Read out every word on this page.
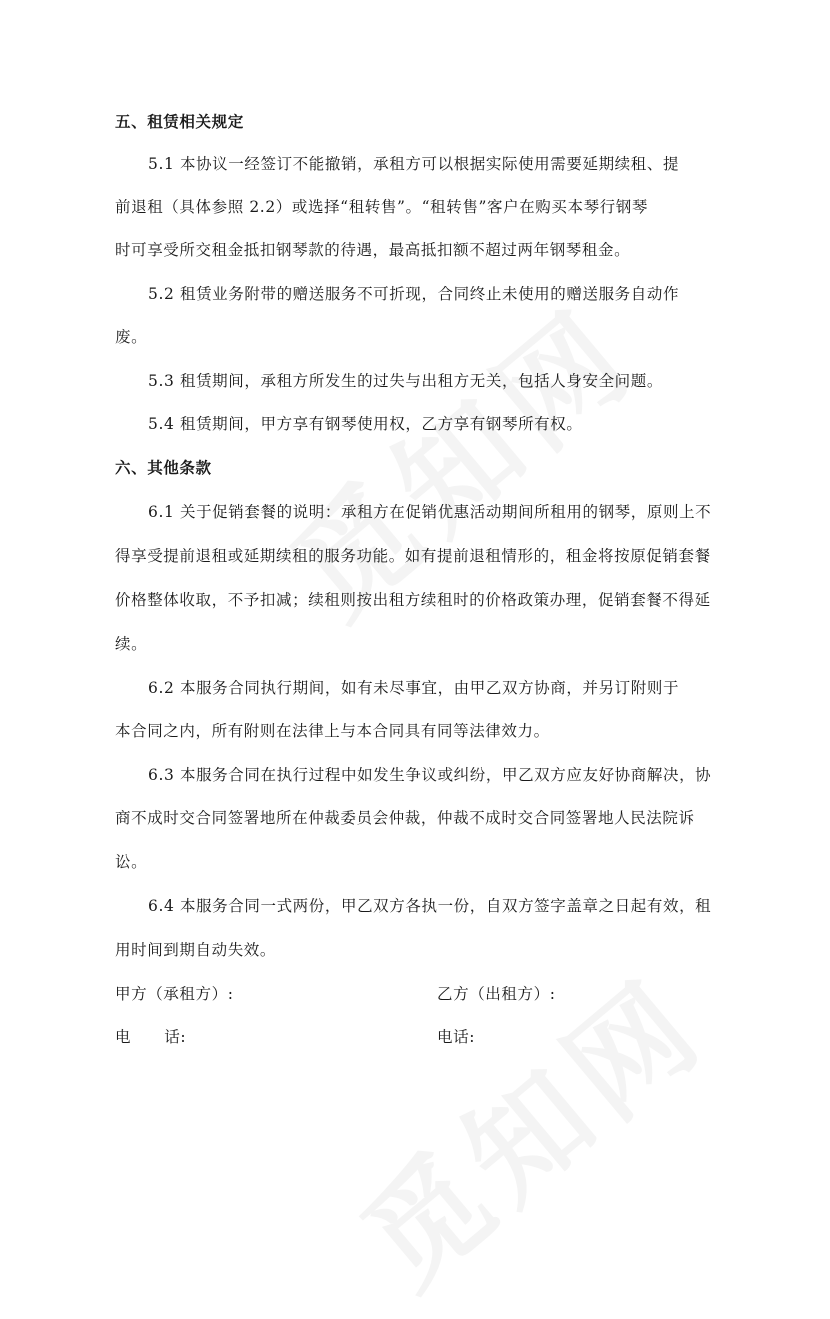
五、租赁相关规定
5.1 本协议一经签订不能撤销，承租方可以根据实际使用需要延期续租、提
前退租（具体参照 2.2）或选择“租转售”。“租转售”客户在购买本琴行钢琴
时可享受所交租金抵扣钢琴款的待遇，最高抵扣额不超过两年钢琴租金。
5.2 租赁业务附带的赠送服务不可折现，合同终止未使用的赠送服务自动作
废。
5.3 租赁期间，承租方所发生的过失与出租方无关，包括人身安全问题。
5.4 租赁期间，甲方享有钢琴使用权，乙方享有钢琴所有权。
六、其他条款
6.1 关于促销套餐的说明：承租方在促销优惠活动期间所租用的钢琴，原则上不
得享受提前退租或延期续租的服务功能。如有提前退租情形的，租金将按原促销套餐
价格整体收取，不予扣减；续租则按出租方续租时的价格政策办理，促销套餐不得延
续。
6.2 本服务合同执行期间，如有未尽事宜，由甲乙双方协商，并另订附则于
本合同之内，所有附则在法律上与本合同具有同等法律效力。
6.3 本服务合同在执行过程中如发生争议或纠纷，甲乙双方应友好协商解决，协
商不成时交合同签署地所在仲裁委员会仲裁，仲裁不成时交合同签署地人民法院诉
讼。
6.4 本服务合同一式两份，甲乙双方各执一份，自双方签字盖章之日起有效，租
用时间到期自动失效。
甲方（承租方）:	乙方（出租方）:
电      话:	电话:
